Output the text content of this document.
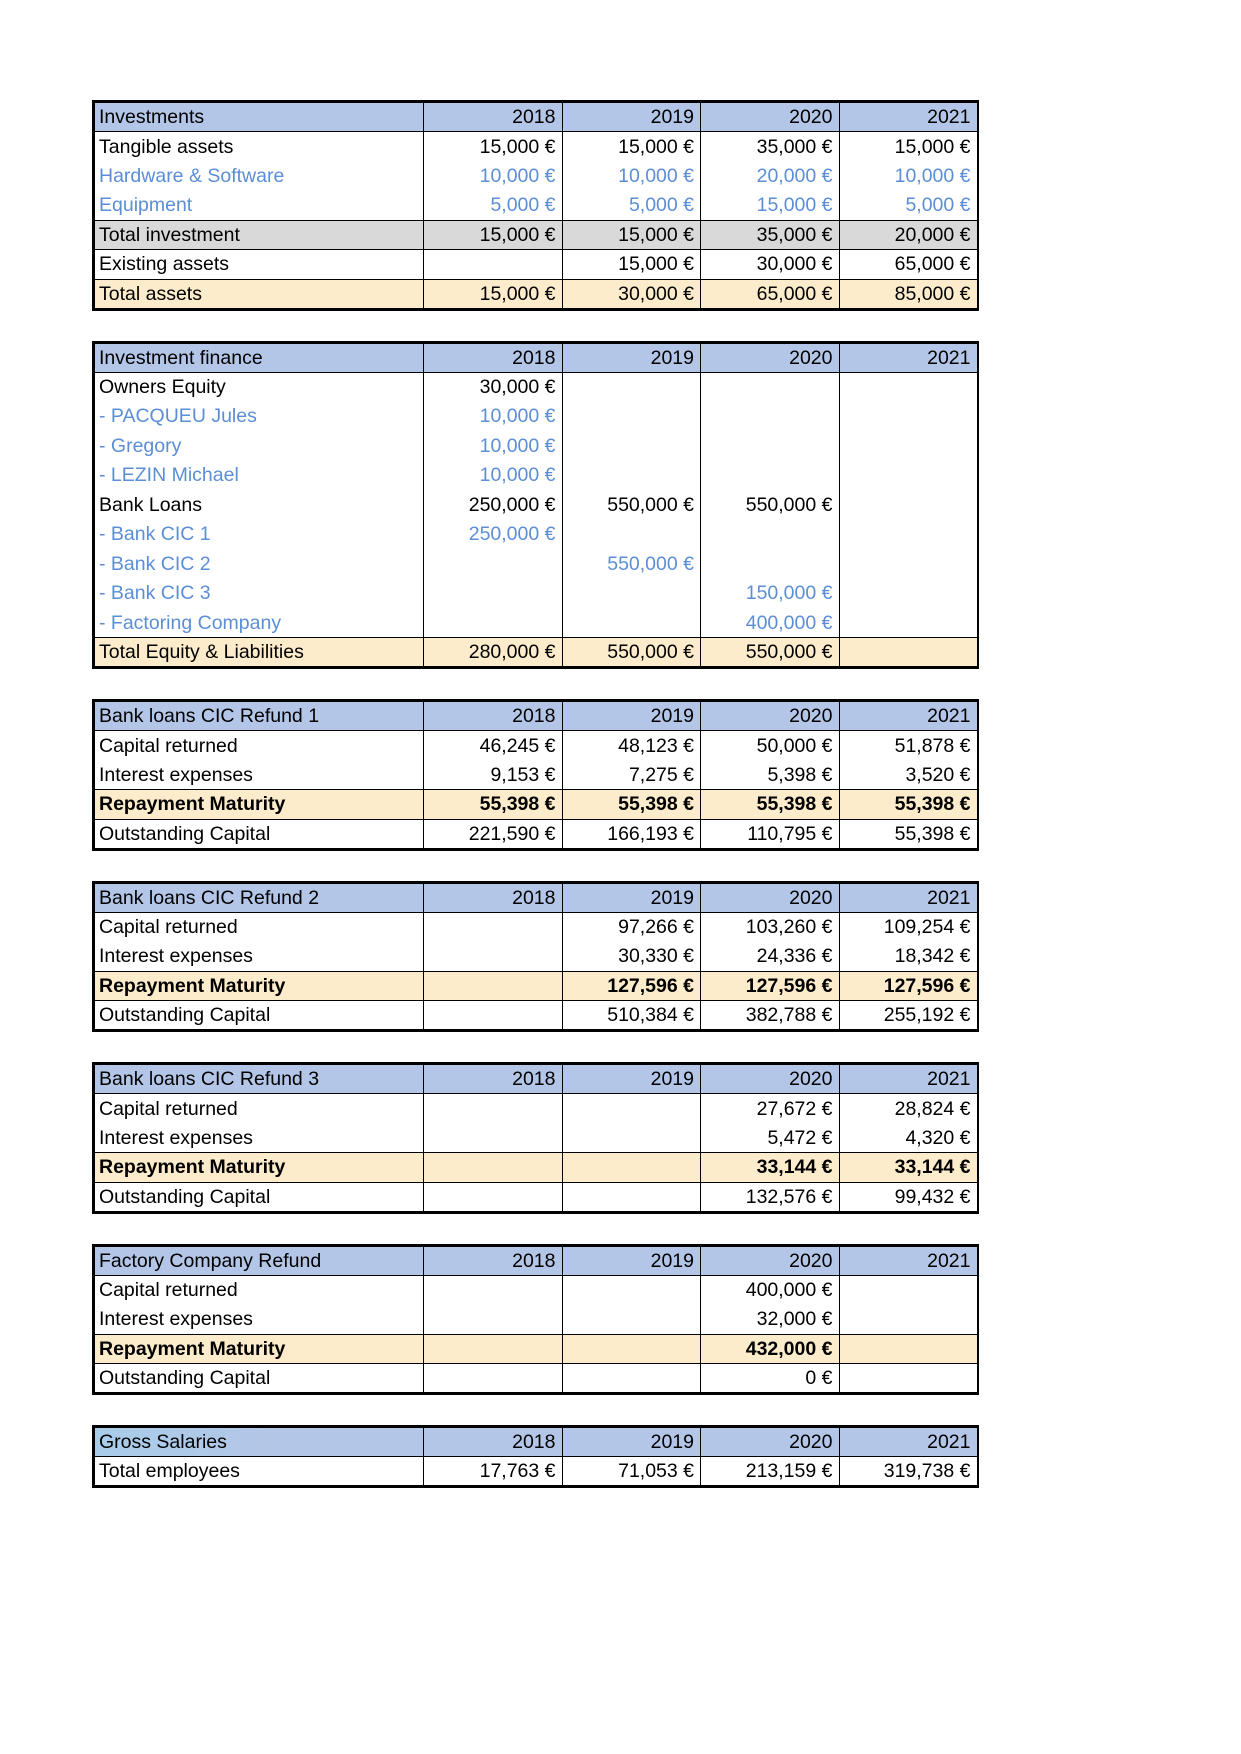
Investments	2018	2019	2020	2021
Tangible assets	15,000 €	15,000 €	35,000 €	15,000 €
Hardware & Software	10,000 €	10,000 €	20,000 €	10,000 €
Equipment	5,000 €	5,000 €	15,000 €	5,000 €
Total investment	15,000 €	15,000 €	35,000 €	20,000 €
Existing assets		15,000 €	30,000 €	65,000 €
Total assets	15,000 €	30,000 €	65,000 €	85,000 €
Investment finance	2018	2019	2020	2021
Owners Equity	30,000 €			
- PACQUEU Jules	10,000 €			
- Gregory	10,000 €			
- LEZIN Michael	10,000 €			
Bank Loans	250,000 €	550,000 €	550,000 €	
- Bank CIC 1	250,000 €			
- Bank CIC 2		550,000 €		
- Bank CIC 3			150,000 €	
- Factoring Company			400,000 €	
Total Equity & Liabilities	280,000 €	550,000 €	550,000 €	
Bank loans CIC Refund 1	2018	2019	2020	2021
Capital returned	46,245 €	48,123 €	50,000 €	51,878 €
Interest expenses	9,153 €	7,275 €	5,398 €	3,520 €
Repayment Maturity	55,398 €	55,398 €	55,398 €	55,398 €
Outstanding Capital	221,590 €	166,193 €	110,795 €	55,398 €
Bank loans CIC Refund 2	2018	2019	2020	2021
Capital returned		97,266 €	103,260 €	109,254 €
Interest expenses		30,330 €	24,336 €	18,342 €
Repayment Maturity		127,596 €	127,596 €	127,596 €
Outstanding Capital		510,384 €	382,788 €	255,192 €
Bank loans CIC Refund 3	2018	2019	2020	2021
Capital returned			27,672 €	28,824 €
Interest expenses			5,472 €	4,320 €
Repayment Maturity			33,144 €	33,144 €
Outstanding Capital			132,576 €	99,432 €
Factory Company Refund	2018	2019	2020	2021
Capital returned			400,000 €	
Interest expenses			32,000 €	
Repayment Maturity			432,000 €	
Outstanding Capital			0 €	
Gross Salaries	2018	2019	2020	2021
Total employees	17,763 €	71,053 €	213,159 €	319,738 €
